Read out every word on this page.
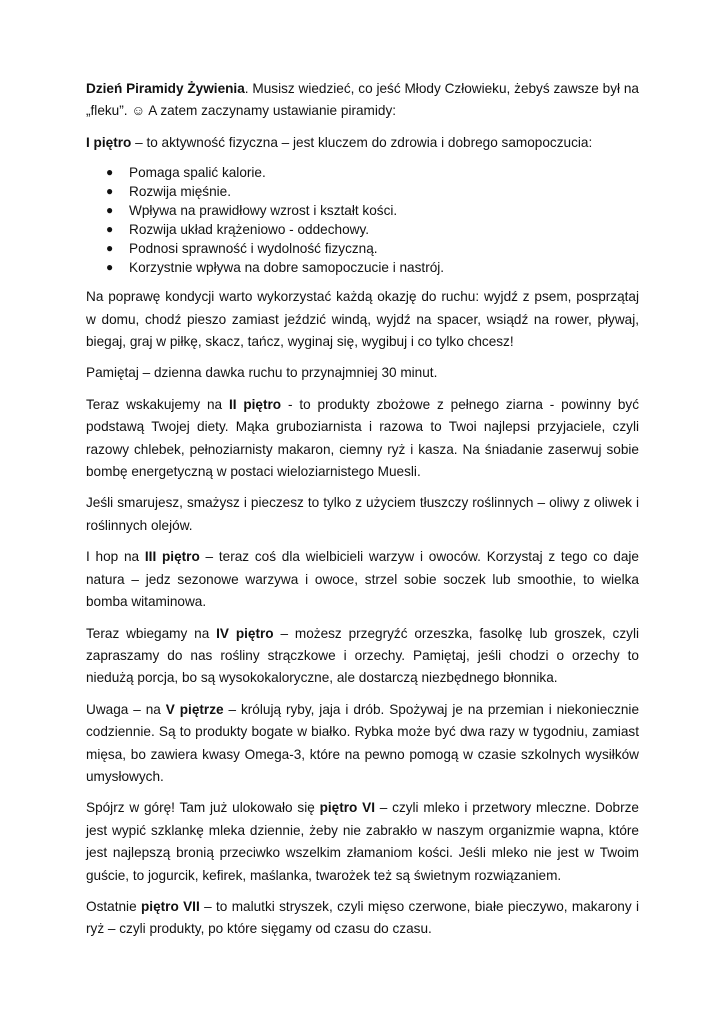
Dzień Piramidy Żywienia. Musisz wiedzieć, co jeść Młody Człowieku, żebyś zawsze był na „fleku”. ☺ A zatem zaczynamy ustawianie piramidy:

I piętro – to aktywność fizyczna – jest kluczem do zdrowia i dobrego samopoczucia:

● Pomaga spalić kalorie.
● Rozwija mięśnie.
● Wpływa na prawidłowy wzrost i kształt kości.
● Rozwija układ krążeniowo - oddechowy.
● Podnosi sprawność i wydolność fizyczną.
● Korzystnie wpływa na dobre samopoczucie i nastrój.

Na poprawę kondycji warto wykorzystać każdą okazję do ruchu: wyjdź z psem, posprzątaj w domu, chodź pieszo zamiast jeździć windą, wyjdź na spacer, wsiądź na rower, pływaj, biegaj, graj w piłkę, skacz, tańcz, wyginaj się, wygibuj i co tylko chcesz!

Pamiętaj – dzienna dawka ruchu to przynajmniej 30 minut.

Teraz wskakujemy na II piętro - to produkty zbożowe z pełnego ziarna - powinny być podstawą Twojej diety. Mąka gruboziarnista i razowa to Twoi najlepsi przyjaciele, czyli razowy chlebek, pełnoziarnisty makaron, ciemny ryż i kasza. Na śniadanie zaserwuj sobie bombę energetyczną w postaci wieloziarnistego Muesli.

Jeśli smarujesz, smażysz i pieczesz to tylko z użyciem tłuszczy roślinnych – oliwy z oliwek i roślinnych olejów.

I hop na III piętro – teraz coś dla wielbicieli warzyw i owoców. Korzystaj z tego co daje natura – jedz sezonowe warzywa i owoce, strzel sobie soczek lub smoothie, to wielka bomba witaminowa.

Teraz wbiegamy na IV piętro – możesz przegryźć orzeszka, fasolkę lub groszek, czyli zapraszamy do nas rośliny strączkowe i orzechy. Pamiętaj, jeśli chodzi o orzechy to niedużą porcja, bo są wysokokaloryczne, ale dostarczą niezbędnego błonnika.

Uwaga – na V piętrze – królują ryby, jaja i drób. Spożywaj je na przemian i niekoniecznie codziennie. Są to produkty bogate w białko. Rybka może być dwa razy w tygodniu, zamiast mięsa, bo zawiera kwasy Omega-3, które na pewno pomogą w czasie szkolnych wysiłków umysłowych.

Spójrz w górę! Tam już ulokowało się piętro VI – czyli mleko i przetwory mleczne. Dobrze jest wypić szklankę mleka dziennie, żeby nie zabrakło w naszym organizmie wapna, które jest najlepszą bronią przeciwko wszelkim złamaniom kości. Jeśli mleko nie jest w Twoim guście, to jogurcik, kefirek, maślanka, twarożek też są świetnym rozwiązaniem.

Ostatnie piętro VII – to malutki stryszek, czyli mięso czerwone, białe pieczywo, makarony i ryż – czyli produkty, po które sięgamy od czasu do czasu.
